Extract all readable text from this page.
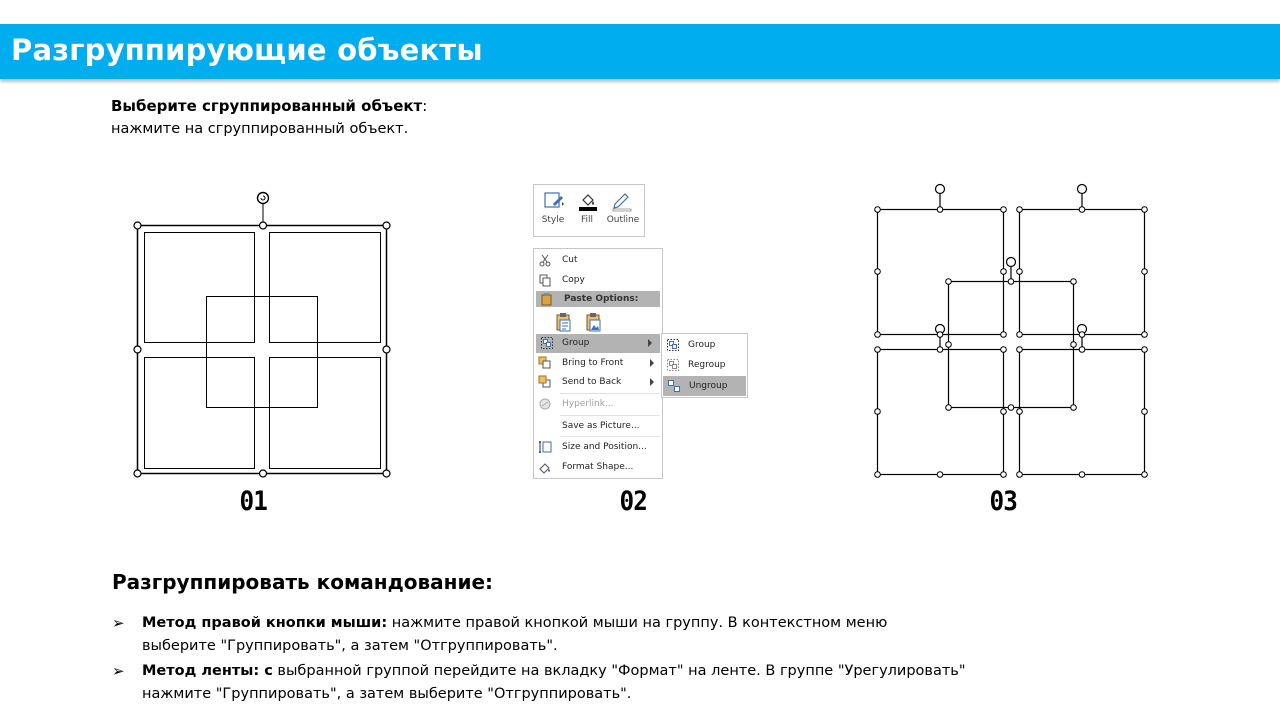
Разгруппирующие объекты
Выберите сгруппированный объект:
нажмите на сгруппированный объект.
01	02	03
Style	Fill	Outline
Cut
Copy
Paste Options:
Group
Bring to Front
Send to Back
Hyperlink...
Save as Picture...
Size and Position...
Format Shape...
Group
Regroup
Ungroup
Разгруппировать командование:
➢ Метод правой кнопки мыши: нажмите правой кнопкой мыши на группу. В контекстном меню
выберите "Группировать", а затем "Отгруппировать".
➢ Метод ленты: с выбранной группой перейдите на вкладку "Формат" на ленте. В группе "Урегулировать"
нажмите "Группировать", а затем выберите "Отгруппировать".
